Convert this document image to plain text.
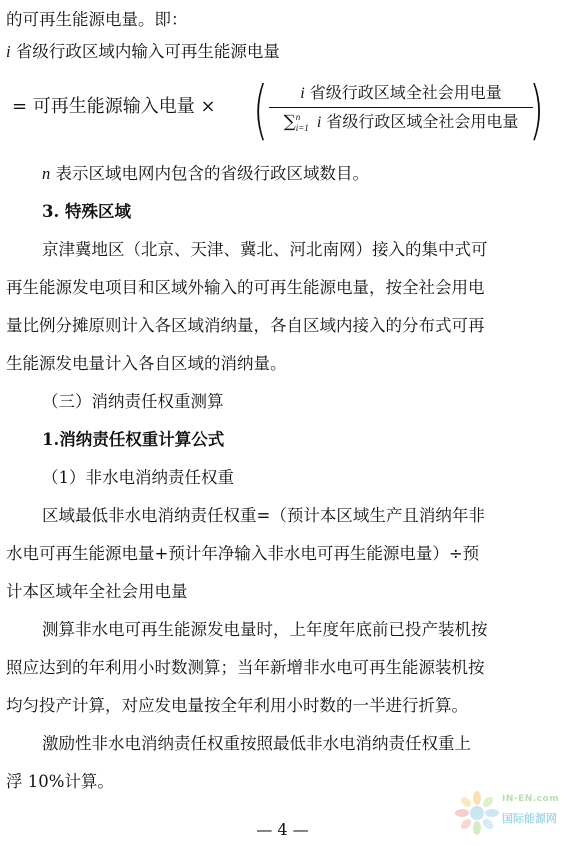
的可再生能源电量。即：
i 省级行政区域内输入可再生能源电量
= 可再生能源输入电量 × (	i 省级行政区域全社会用电量
∑n
i=1 i 省级行政区域全社会用电量 )
n 表示区域电网内包含的省级行政区域数目。
3. 特殊区域
京津冀地区（北京、天津、冀北、河北南网）接入的集中式可
再生能源发电项目和区域外输入的可再生能源电量，按全社会用电
量比例分摊原则计入各区域消纳量，各自区域内接入的分布式可再
生能源发电量计入各自区域的消纳量。
（三）消纳责任权重测算
1.消纳责任权重计算公式
（1）非水电消纳责任权重
区域最低非水电消纳责任权重=（预计本区域生产且消纳年非
水电可再生能源电量+预计年净输入非水电可再生能源电量）÷预
计本区域年全社会用电量
测算非水电可再生能源发电量时，上年度年底前已投产装机按
照应达到的年利用小时数测算；当年新增非水电可再生能源装机按
均匀投产计算，对应发电量按全年利用小时数的一半进行折算。
激励性非水电消纳责任权重按照最低非水电消纳责任权重上
浮 10%计算。
— 4 —
IN-EN.com
国际能源网
